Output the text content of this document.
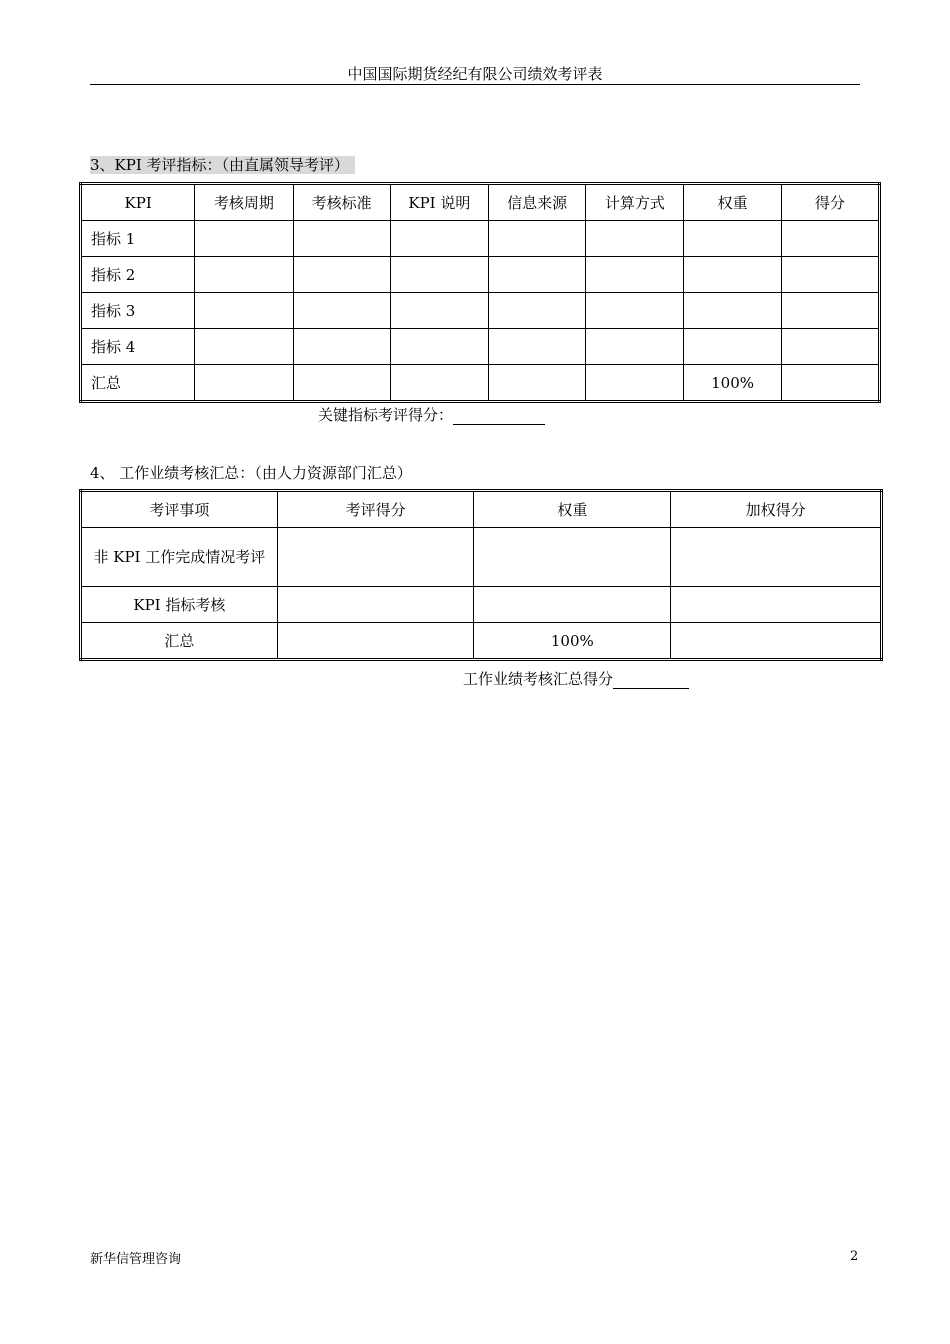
中国国际期货经纪有限公司绩效考评表
3、KPI 考评指标：（由直属领导考评）
KPI	考核周期	考核标准	KPI 说明	信息来源	计算方式	权重	得分
指标 1							
指标 2							
指标 3							
指标 4							
汇总						100%	
关键指标考评得分：
4、 工作业绩考核汇总：（由人力资源部门汇总）
考评事项	考评得分	权重	加权得分
非 KPI 工作完成情况考评			
KPI 指标考核			
汇总		100%	
工作业绩考核汇总得分
新华信管理咨询	2
